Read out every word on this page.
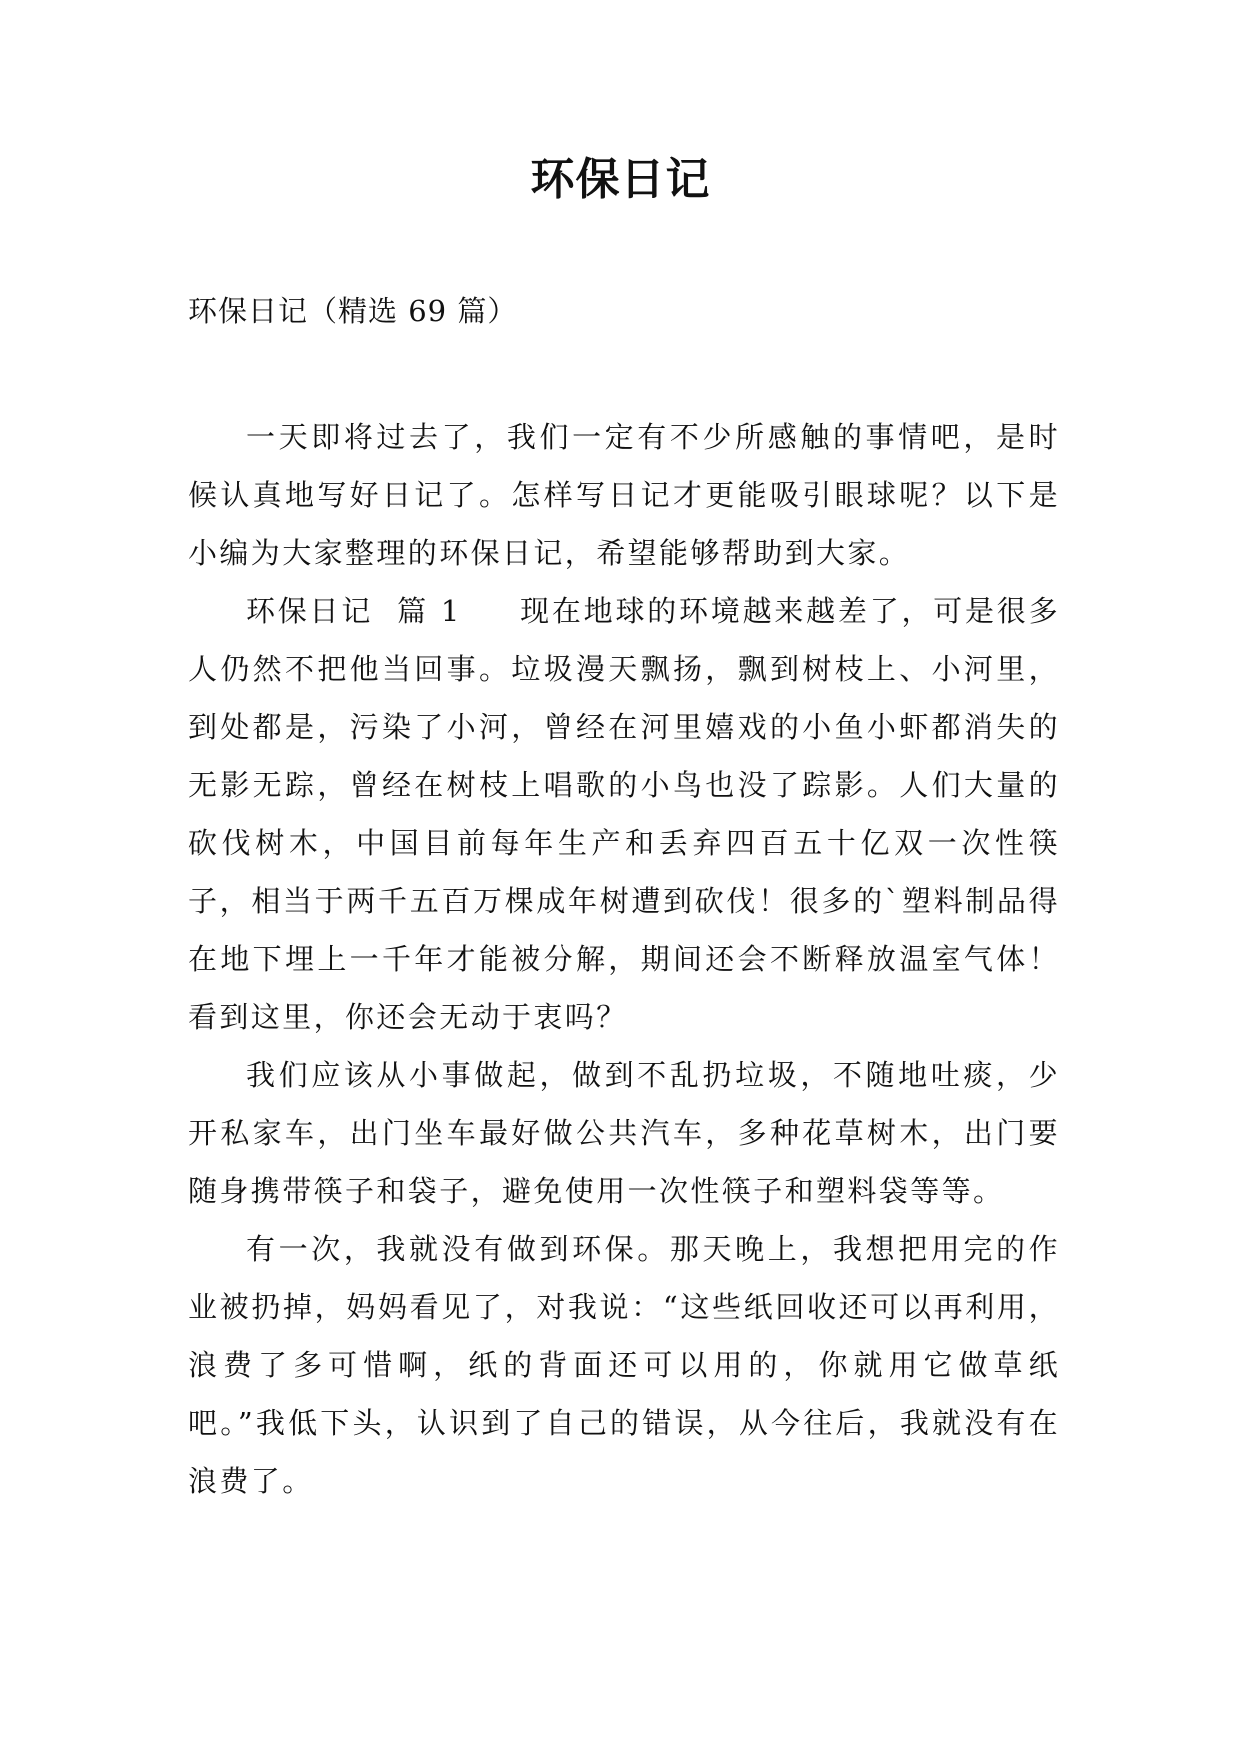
环保日记
环保日记（精选 69 篇）

一天即将过去了，我们一定有不少所感触的事情吧，是时候认真地写好日记了。怎样写日记才更能吸引眼球呢？以下是小编为大家整理的环保日记，希望能够帮助到大家。

环保日记  篇 1 现在地球的环境越来越差了，可是很多人仍然不把他当回事。垃圾漫天飘扬，飘到树枝上、小河里，到处都是，污染了小河，曾经在河里嬉戏的小鱼小虾都消失的无影无踪，曾经在树枝上唱歌的小鸟也没了踪影。人们大量的砍伐树木，中国目前每年生产和丢弃四百五十亿双一次性筷子，相当于两千五百万棵成年树遭到砍伐！很多的`塑料制品得在地下埋上一千年才能被分解，期间还会不断释放温室气体！看到这里，你还会无动于衷吗？

我们应该从小事做起，做到不乱扔垃圾，不随地吐痰，少开私家车，出门坐车最好做公共汽车，多种花草树木，出门要随身携带筷子和袋子，避免使用一次性筷子和塑料袋等等。

有一次，我就没有做到环保。那天晚上，我想把用完的作业被扔掉，妈妈看见了，对我说：“这些纸回收还可以再利用，浪费了多可惜啊，纸的背面还可以用的，你就用它做草纸吧。”我低下头，认识到了自己的错误，从今往后，我就没有在浪费了。
